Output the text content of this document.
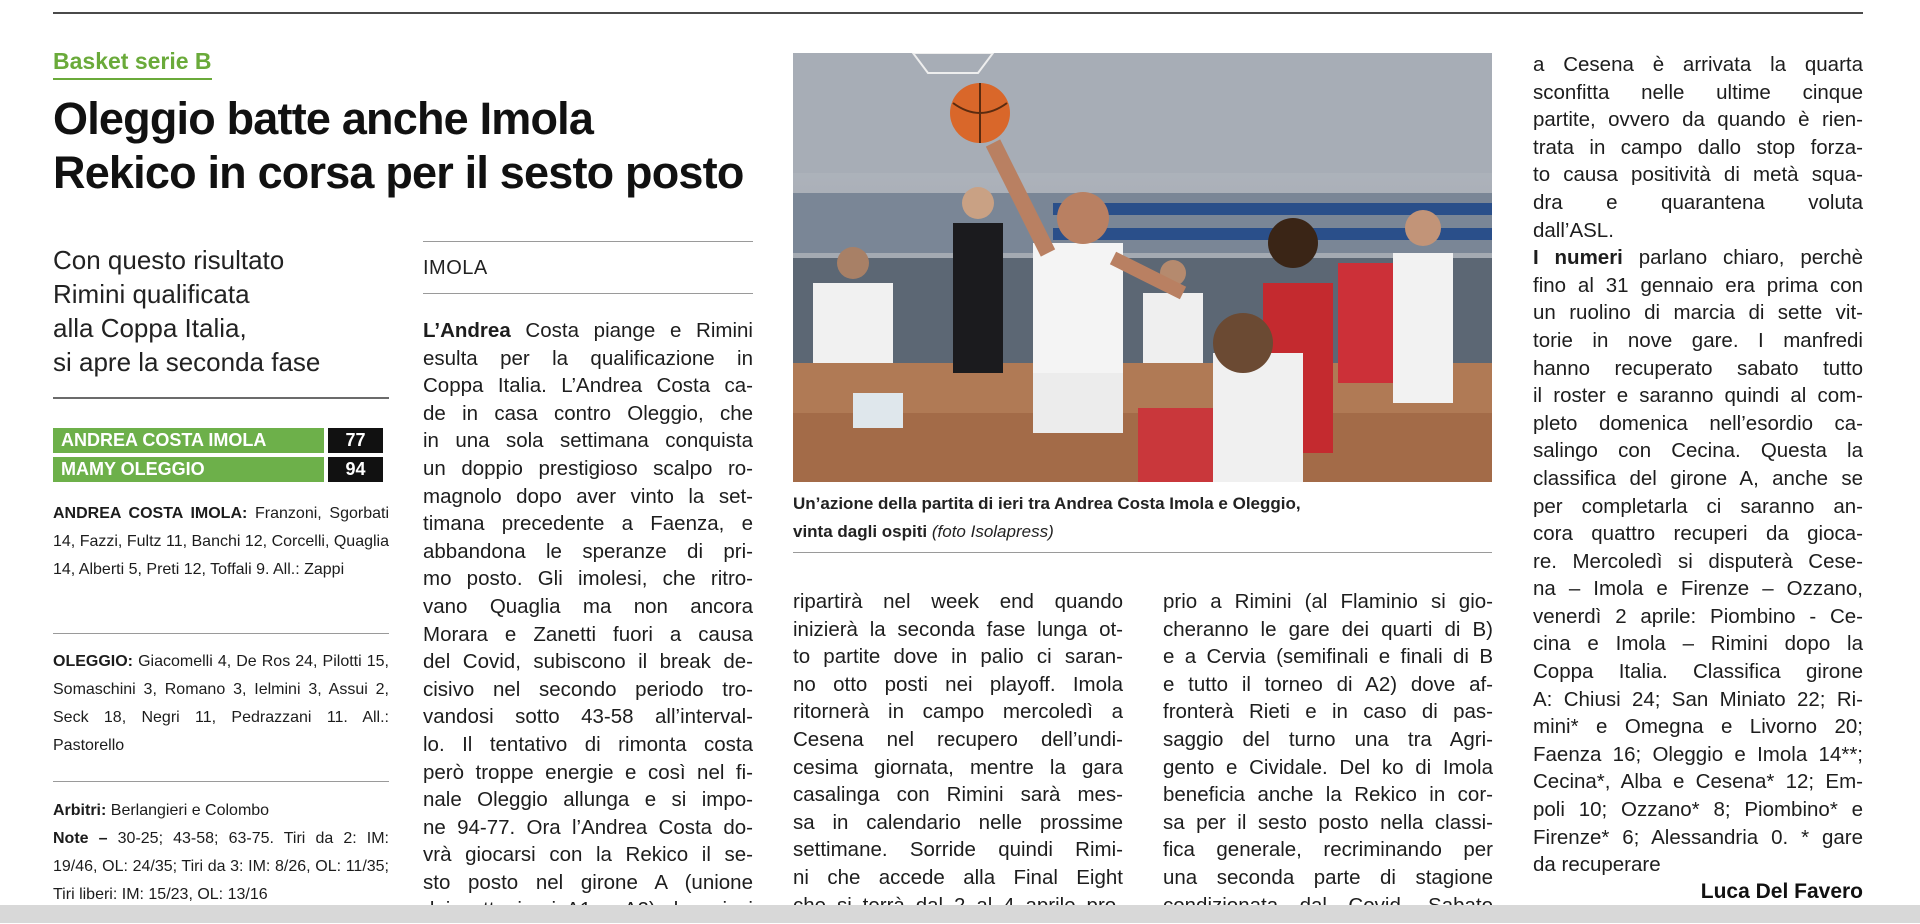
Basket serie B
Oleggio batte anche Imola
Rekico in corsa per il sesto posto
Con questo risultato
Rimini qualificata
alla Coppa Italia,
si apre la seconda fase
ANDREA COSTA IMOLA	77
MAMY OLEGGIO	94
ANDREA COSTA IMOLA: Franzoni, Sgorbati 14, Fazzi, Fultz 11, Banchi 12, Corcelli, Quaglia 14, Alberti 5, Preti 12, Toffali 9. All.: Zappi
OLEGGIO: Giacomelli 4, De Ros 24, Pilotti 15, Somaschini 3, Romano 3, Ielmini 3, Assui 2, Seck 18, Negri 11, Pedrazzani 11. All.: Pastorello
Arbitri: Berlangieri e Colombo
Note – 30-25; 43-58; 63-75. Tiri da 2: IM: 19/46, OL: 24/35; Tiri da 3: IM: 8/26, OL: 11/35; Tiri liberi: IM: 15/23, OL: 13/16
IMOLA
L’Andrea Costa piange e Rimini
esulta per la qualificazione in
Coppa Italia. L’Andrea Costa ca-
de in casa contro Oleggio, che
in una sola settimana conquista
un doppio prestigioso scalpo ro-
magnolo dopo aver vinto la set-
timana precedente a Faenza, e
abbandona le speranze di pri-
mo posto. Gli imolesi, che ritro-
vano Quaglia ma non ancora
Morara e Zanetti fuori a causa
del Covid, subiscono il break de-
cisivo nel secondo periodo tro-
vandosi sotto 43-58 all’interval-
lo. Il tentativo di rimonta costa
però troppe energie e così nel fi-
nale Oleggio allunga e si impo-
ne 94-77. Ora l’Andrea Costa do-
vrà giocarsi con la Rekico il se-
sto posto nel girone A (unione
Un’azione della partita di ieri tra Andrea Costa Imola e Oleggio,
vinta dagli ospiti (foto Isolapress)
ripartirà nel week end quando
inizierà la seconda fase lunga ot-
to partite dove in palio ci saran-
no otto posti nei playoff. Imola
ritornerà in campo mercoledì a
Cesena nel recupero dell’undi-
cesima giornata, mentre la gara
casalinga con Rimini sarà mes-
sa in calendario nelle prossime
settimane. Sorride quindi Rimi-
ni che accede alla Final Eight
prio a Rimini (al Flaminio si gio-
cheranno le gare dei quarti di B)
e a Cervia (semifinali e finali di B
e tutto il torneo di A2) dove af-
fronterà Rieti e in caso di pas-
saggio del turno una tra Agri-
gento e Cividale. Del ko di Imola
beneficia anche la Rekico in cor-
sa per il sesto posto nella classi-
fica generale, recriminando per
una seconda parte di stagione
a Cesena è arrivata la quarta
sconfitta nelle ultime cinque
partite, ovvero da quando è rien-
trata in campo dallo stop forza-
to causa positività di metà squa-
dra e quarantena voluta
dall’ASL.
I numeri parlano chiaro, perchè
fino al 31 gennaio era prima con
un ruolino di marcia di sette vit-
torie in nove gare. I manfredi
hanno recuperato sabato tutto
il roster e saranno quindi al com-
pleto domenica nell’esordio ca-
salingo con Cecina. Questa la
classifica del girone A, anche se
per completarla ci saranno an-
cora quattro recuperi da gioca-
re. Mercoledì si disputerà Cese-
na – Imola e Firenze – Ozzano,
venerdì 2 aprile: Piombino - Ce-
cina e Imola – Rimini dopo la
Coppa Italia. Classifica girone
A: Chiusi 24; San Miniato 22; Ri-
mini* e Omegna e Livorno 20;
Faenza 16; Oleggio e Imola 14**;
Cecina*, Alba e Cesena* 12; Em-
poli 10; Ozzano* 8; Piombino* e
Firenze* 6; Alessandria 0. * gare
da recuperare
Luca Del Favero
